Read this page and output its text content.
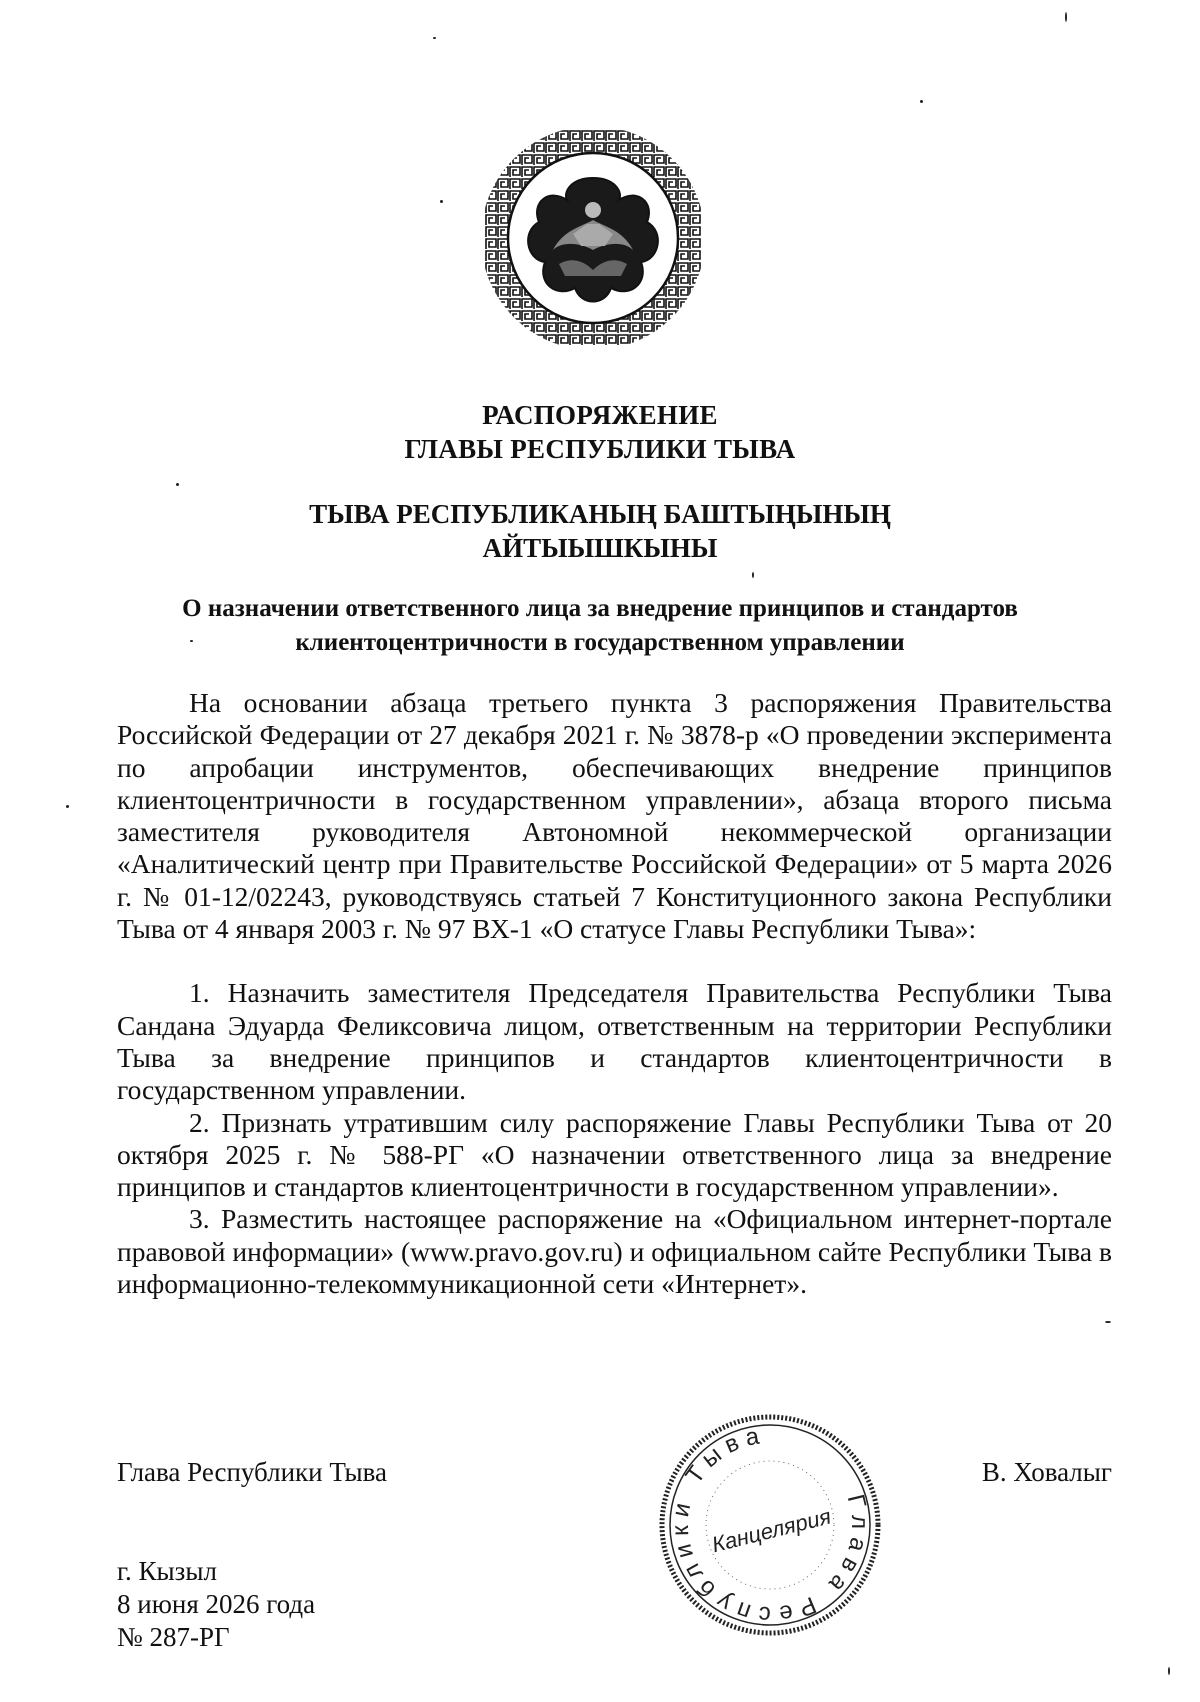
РАСПОРЯЖЕНИЕ
ГЛАВЫ РЕСПУБЛИКИ ТЫВА
ТЫВА РЕСПУБЛИКАНЫҢ БАШТЫҢЫНЫҢ
АЙТЫЫШКЫНЫ
О назначении ответственного лица за внедрение принципов и стандартов
клиентоцентричности в государственном управлении

На основании абзаца третьего пункта 3 распоряжения Правительства Российской Федерации от 27 декабря 2021 г. № 3878-р «О проведении эксперимента по апробации инструментов, обеспечивающих внедрение принципов клиентоцентричности в государственном управлении», абзаца второго письма заместителя руководителя Автономной некоммерческой организации «Аналитический центр при Правительстве Российской Федерации» от 5 марта 2026 г. № 01-12/02243, руководствуясь статьей 7 Конституционного закона Республики Тыва от 4 января 2003 г. № 97 ВХ-1 «О статусе Главы Республики Тыва»:

1. Назначить заместителя Председателя Правительства Республики Тыва Сандана Эдуарда Феликсовича лицом, ответственным на территории Республики Тыва за внедрение принципов и стандартов клиентоцентричности в государственном управлении.

2. Признать утратившим силу распоряжение Главы Республики Тыва от 20 октября 2025 г. № 588-РГ «О назначении ответственного лица за внедрение принципов и стандартов клиентоцентричности в государственном управлении».

3. Разместить настоящее распоряжение на «Официальном интернет-портале правовой информации» (www.pravo.gov.ru) и официальном сайте Республики Тыва в информационно-телекоммуникационной сети «Интернет».

Глава Республики Тыва	В. Ховалыг
г. Кызыл
8 июня 2026 года
№ 287-РГ
Глава Республики Тыва
Канцелярия
